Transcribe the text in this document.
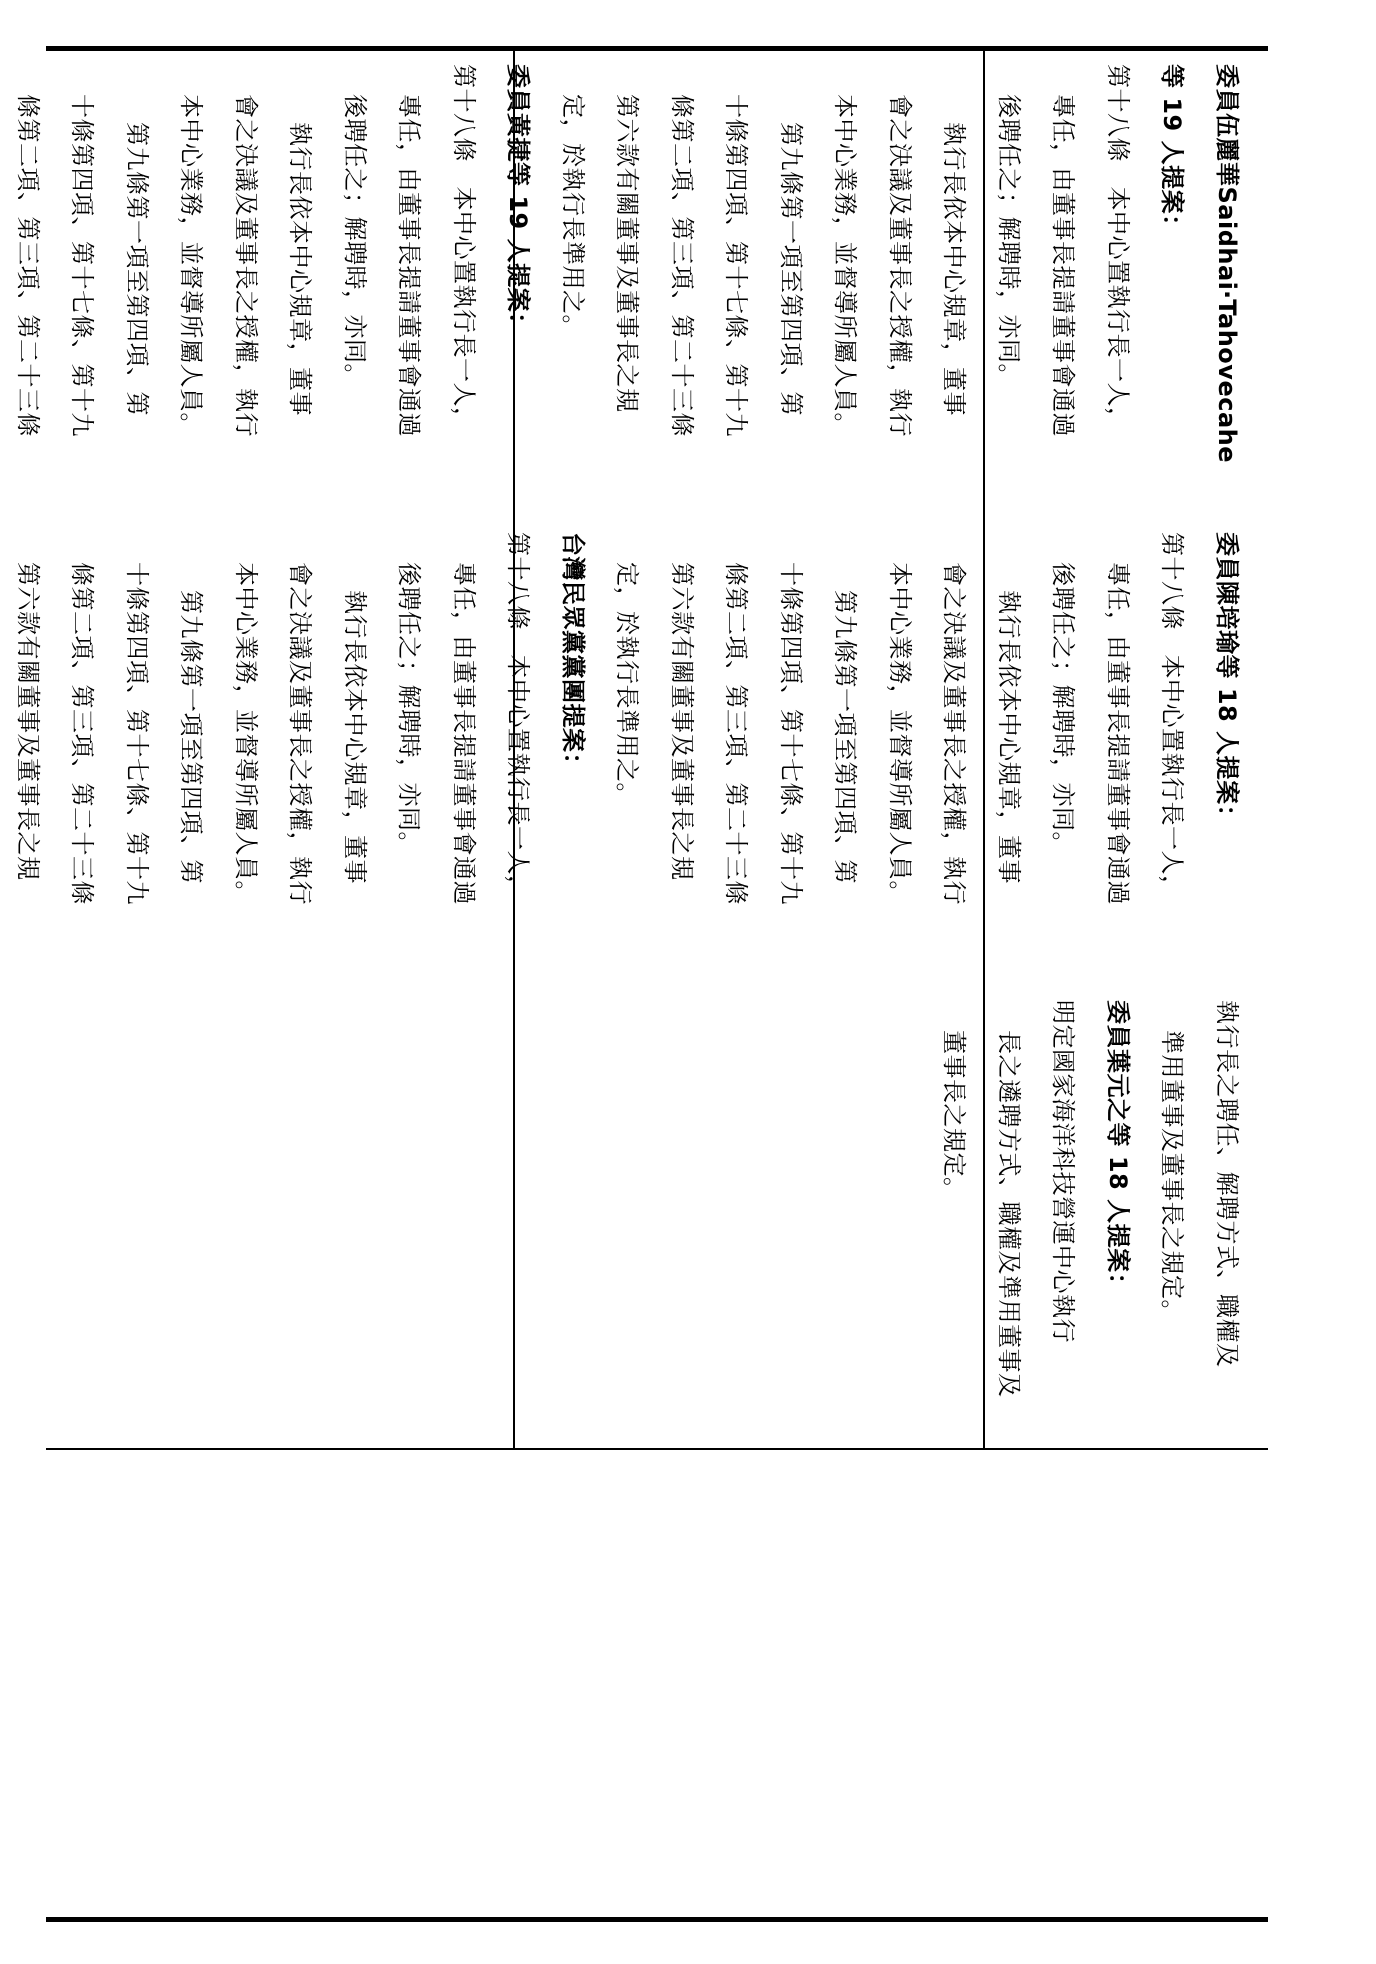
委員伍麗華Saidhai‧Tahovecahe
等 19 人提案：
第十八條　本中心置執行長一人，
專任，由董事長提請董事會通過
後聘任之；解聘時，亦同。
執行長依本中心規章，董事
會之決議及董事長之授權，執行
本中心業務，並督導所屬人員。
第九條第一項至第四項、第
十條第四項、第十七條、第十九
條第二項、第三項、第二十三條
第六款有關董事及董事長之規
定，於執行長準用之。
委員黃捷等 19 人提案：
第十八條　本中心置執行長一人，
專任，由董事長提請董事會通過
後聘任之；解聘時，亦同。
執行長依本中心規章，董事
會之決議及董事長之授權，執行
本中心業務，並督導所屬人員。
第九條第一項至第四項、第
十條第四項、第十七條、第十九
條第二項、第三項、第二十三條
委員陳培瑜等 18 人提案：
第十八條　本中心置執行長一人，
專任，由董事長提請董事會通過
後聘任之；解聘時，亦同。
執行長依本中心規章，董事
會之決議及董事長之授權，執行
本中心業務，並督導所屬人員。
第九條第一項至第四項、第
十條第四項、第十七條、第十九
條第二項、第三項、第二十三條
第六款有關董事及董事長之規
定，於執行長準用之。
台灣民眾黨黨團提案：
第十八條　本中心置執行長一人，
專任，由董事長提請董事會通過
後聘任之；解聘時，亦同。
執行長依本中心規章，董事
會之決議及董事長之授權，執行
本中心業務，並督導所屬人員。
第九條第一項至第四項、第
十條第四項、第十七條、第十九
條第二項、第三項、第二十三條
第六款有關董事及董事長之規
執行長之聘任、解聘方式、職權及
準用董事及董事長之規定。
委員葉元之等 18 人提案：
明定國家海洋科技營運中心執行
長之遴聘方式、職權及準用董事及
董事長之規定。
